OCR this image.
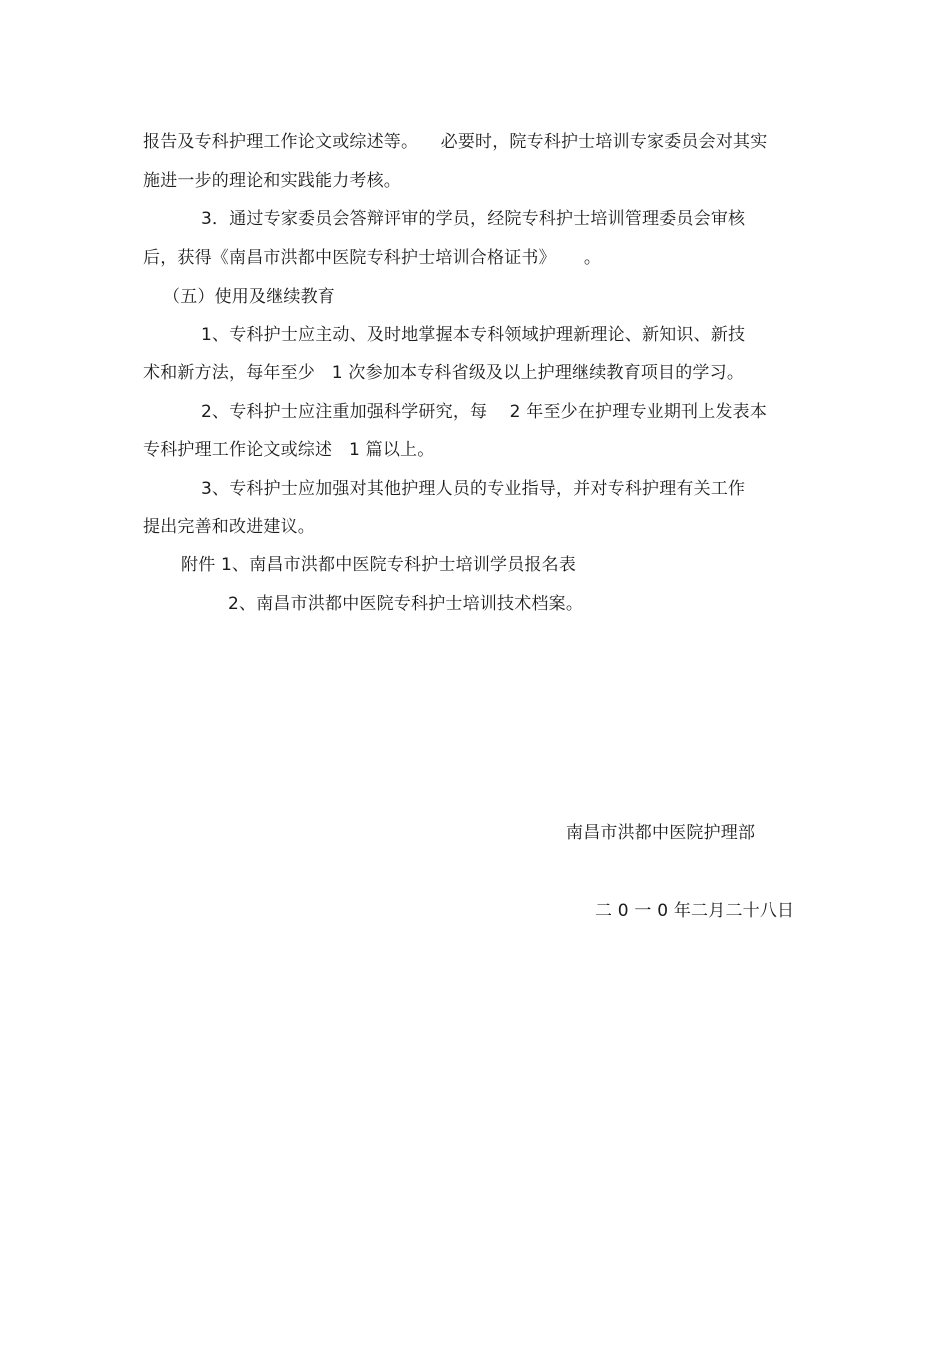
报告及专科护理工作论文或综述等。    必要时，院专科护士培训专家委员会对其实
施进一步的理论和实践能力考核。
3．通过专家委员会答辩评审的学员，经院专科护士培训管理委员会审核
后，获得《南昌市洪都中医院专科护士培训合格证书》     。
（五）使用及继续教育
1、专科护士应主动、及时地掌握本专科领域护理新理论、新知识、新技
术和新方法，每年至少   1 次参加本专科省级及以上护理继续教育项目的学习。
2、专科护士应注重加强科学研究，每    2 年至少在护理专业期刊上发表本
专科护理工作论文或综述   1 篇以上。
3、专科护士应加强对其他护理人员的专业指导，并对专科护理有关工作
提出完善和改进建议。
附件 1、南昌市洪都中医院专科护士培训学员报名表
2、南昌市洪都中医院专科护士培训技术档案。
南昌市洪都中医院护理部
二 0 一 0 年二月二十八日
